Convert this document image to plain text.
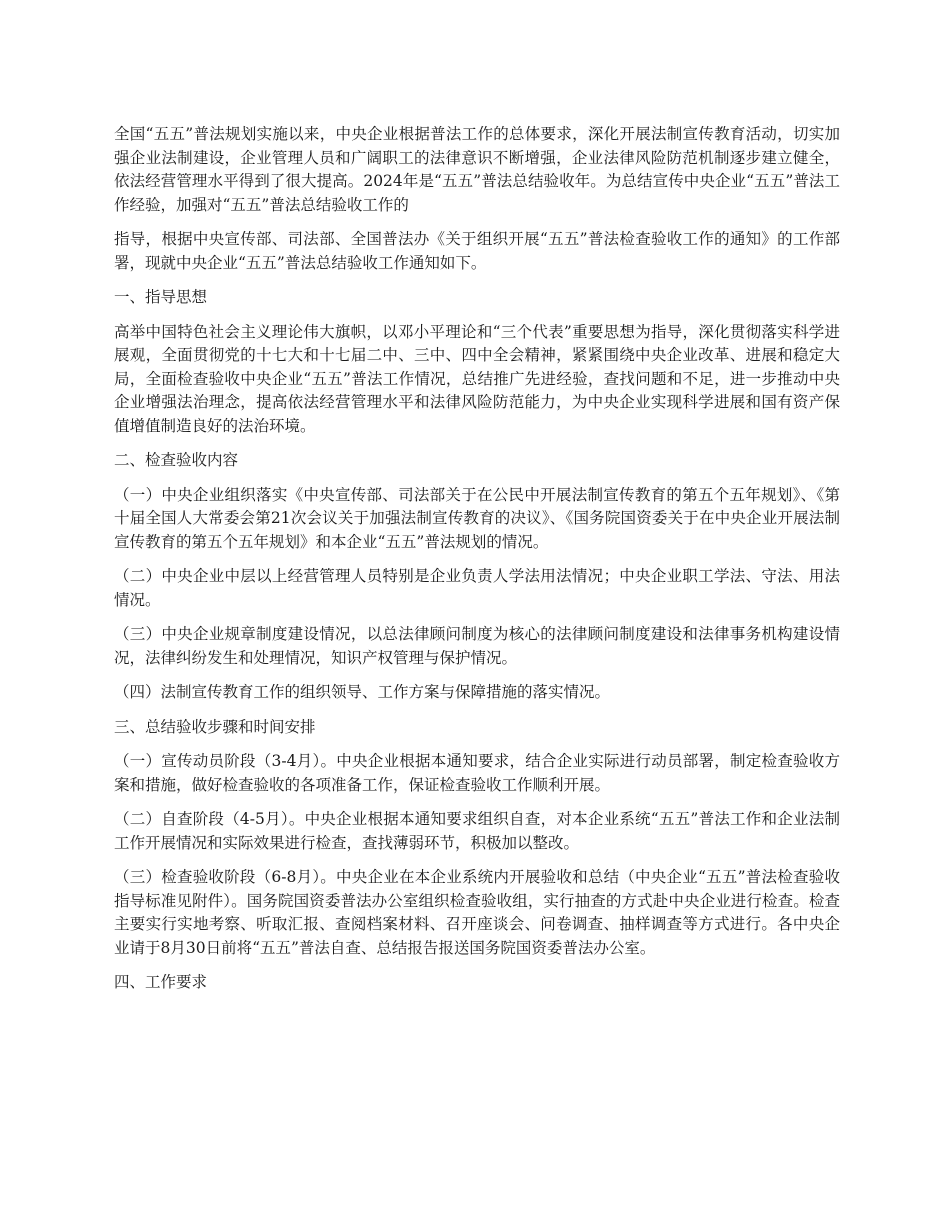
全国“五五”普法规划实施以来，中央企业根据普法工作的总体要求，深化开展法制宣传教育活动，切实加强企业法制建设，企业管理人员和广阔职工的法律意识不断增强，企业法律风险防范机制逐步建立健全，依法经营管理水平得到了很大提高。2024年是“五五”普法总结验收年。为总结宣传中央企业“五五”普法工作经验，加强对“五五”普法总结验收工作的

指导，根据中央宣传部、司法部、全国普法办《关于组织开展“五五”普法检查验收工作的通知》的工作部署，现就中央企业“五五”普法总结验收工作通知如下。

一、指导思想

高举中国特色社会主义理论伟大旗帜，以邓小平理论和“三个代表”重要思想为指导，深化贯彻落实科学进展观，全面贯彻党的十七大和十七届二中、三中、四中全会精神，紧紧围绕中央企业改革、进展和稳定大局，全面检查验收中央企业“五五”普法工作情况，总结推广先进经验，查找问题和不足，进一步推动中央企业增强法治理念，提高依法经营管理水平和法律风险防范能力，为中央企业实现科学进展和国有资产保值增值制造良好的法治环境。

二、检查验收内容

（一）中央企业组织落实《中央宣传部、司法部关于在公民中开展法制宣传教育的第五个五年规划》、《第十届全国人大常委会第21次会议关于加强法制宣传教育的决议》、《国务院国资委关于在中央企业开展法制宣传教育的第五个五年规划》和本企业“五五”普法规划的情况。

（二）中央企业中层以上经营管理人员特别是企业负责人学法用法情况；中央企业职工学法、守法、用法情况。

（三）中央企业规章制度建设情况，以总法律顾问制度为核心的法律顾问制度建设和法律事务机构建设情况，法律纠纷发生和处理情况，知识产权管理与保护情况。

（四）法制宣传教育工作的组织领导、工作方案与保障措施的落实情况。

三、总结验收步骤和时间安排

（一）宣传动员阶段（3-4月）。中央企业根据本通知要求，结合企业实际进行动员部署，制定检查验收方案和措施，做好检查验收的各项准备工作，保证检查验收工作顺利开展。

（二）自查阶段（4-5月）。中央企业根据本通知要求组织自查，对本企业系统“五五”普法工作和企业法制工作开展情况和实际效果进行检查，查找薄弱环节，积极加以整改。

（三）检查验收阶段（6-8月）。中央企业在本企业系统内开展验收和总结（中央企业“五五”普法检查验收指导标准见附件）。国务院国资委普法办公室组织检查验收组，实行抽查的方式赴中央企业进行检查。检查主要实行实地考察、听取汇报、查阅档案材料、召开座谈会、问卷调查、抽样调查等方式进行。各中央企业请于8月30日前将“五五”普法自查、总结报告报送国务院国资委普法办公室。

四、工作要求
